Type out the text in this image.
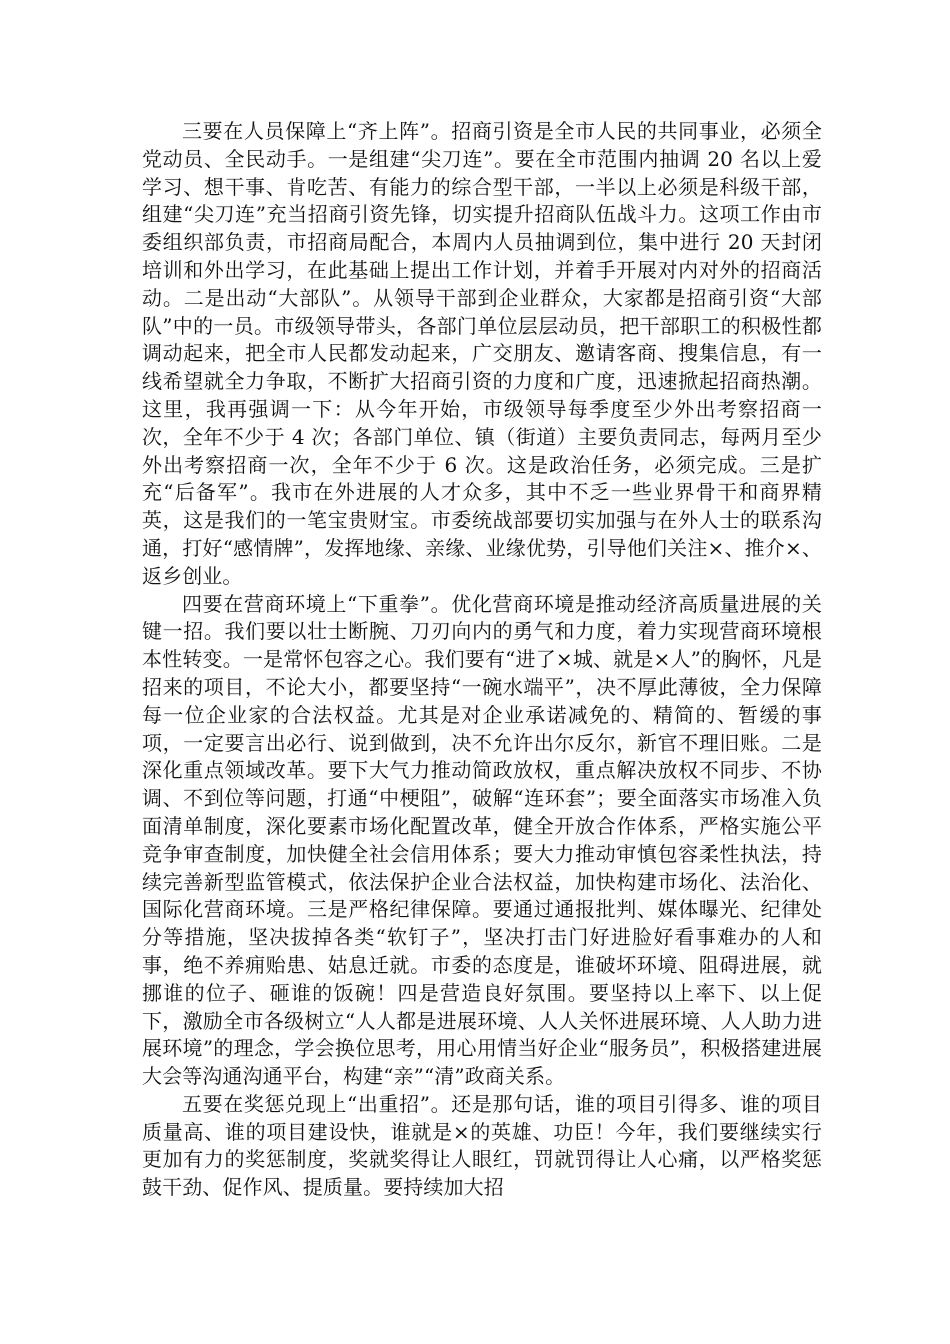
三要在人员保障上“齐上阵”。招商引资是全市人民的共同事业，必须全党动员、全民动手。一是组建“尖刀连”。要在全市范围内抽调 20 名以上爱学习、想干事、肯吃苦、有能力的综合型干部，一半以上必须是科级干部，组建“尖刀连”充当招商引资先锋，切实提升招商队伍战斗力。这项工作由市委组织部负责，市招商局配合，本周内人员抽调到位，集中进行 20 天封闭培训和外出学习，在此基础上提出工作计划，并着手开展对内对外的招商活动。二是出动“大部队”。从领导干部到企业群众，大家都是招商引资“大部队”中的一员。市级领导带头，各部门单位层层动员，把干部职工的积极性都调动起来，把全市人民都发动起来，广交朋友、邀请客商、搜集信息，有一线希望就全力争取，不断扩大招商引资的力度和广度，迅速掀起招商热潮。这里，我再强调一下：从今年开始，市级领导每季度至少外出考察招商一次，全年不少于 4 次；各部门单位、镇（街道）主要负责同志，每两月至少外出考察招商一次，全年不少于 6 次。这是政治任务，必须完成。三是扩充“后备军”。我市在外进展的人才众多，其中不乏一些业界骨干和商界精英，这是我们的一笔宝贵财宝。市委统战部要切实加强与在外人士的联系沟通，打好“感情牌”，发挥地缘、亲缘、业缘优势，引导他们关注×、推介×、返乡创业。

四要在营商环境上“下重拳”。优化营商环境是推动经济高质量进展的关键一招。我们要以壮士断腕、刀刃向内的勇气和力度，着力实现营商环境根本性转变。一是常怀包容之心。我们要有“进了×城、就是×人”的胸怀，凡是招来的项目，不论大小，都要坚持“一碗水端平”，决不厚此薄彼，全力保障每一位企业家的合法权益。尤其是对企业承诺减免的、精简的、暂缓的事项，一定要言出必行、说到做到，决不允许出尔反尔，新官不理旧账。二是深化重点领域改革。要下大气力推动简政放权，重点解决放权不同步、不协调、不到位等问题，打通“中梗阻”，破解“连环套”；要全面落实市场准入负面清单制度，深化要素市场化配置改革，健全开放合作体系，严格实施公平竞争审查制度，加快健全社会信用体系；要大力推动审慎包容柔性执法，持续完善新型监管模式，依法保护企业合法权益，加快构建市场化、法治化、国际化营商环境。三是严格纪律保障。要通过通报批判、媒体曝光、纪律处分等措施，坚决拔掉各类“软钉子”，坚决打击门好进脸好看事难办的人和事，绝不养痈贻患、姑息迁就。市委的态度是，谁破坏环境、阻碍进展，就挪谁的位子、砸谁的饭碗！四是营造良好氛围。要坚持以上率下、以上促下，激励全市各级树立“人人都是进展环境、人人关怀进展环境、人人助力进展环境”的理念，学会换位思考，用心用情当好企业“服务员”，积极搭建进展大会等沟通沟通平台，构建“亲”“清”政商关系。

五要在奖惩兑现上“出重招”。还是那句话，谁的项目引得多、谁的项目质量高、谁的项目建设快，谁就是×的英雄、功臣！今年，我们要继续实行更加有力的奖惩制度，奖就奖得让人眼红，罚就罚得让人心痛，以严格奖惩鼓干劲、促作风、提质量。要持续加大招
